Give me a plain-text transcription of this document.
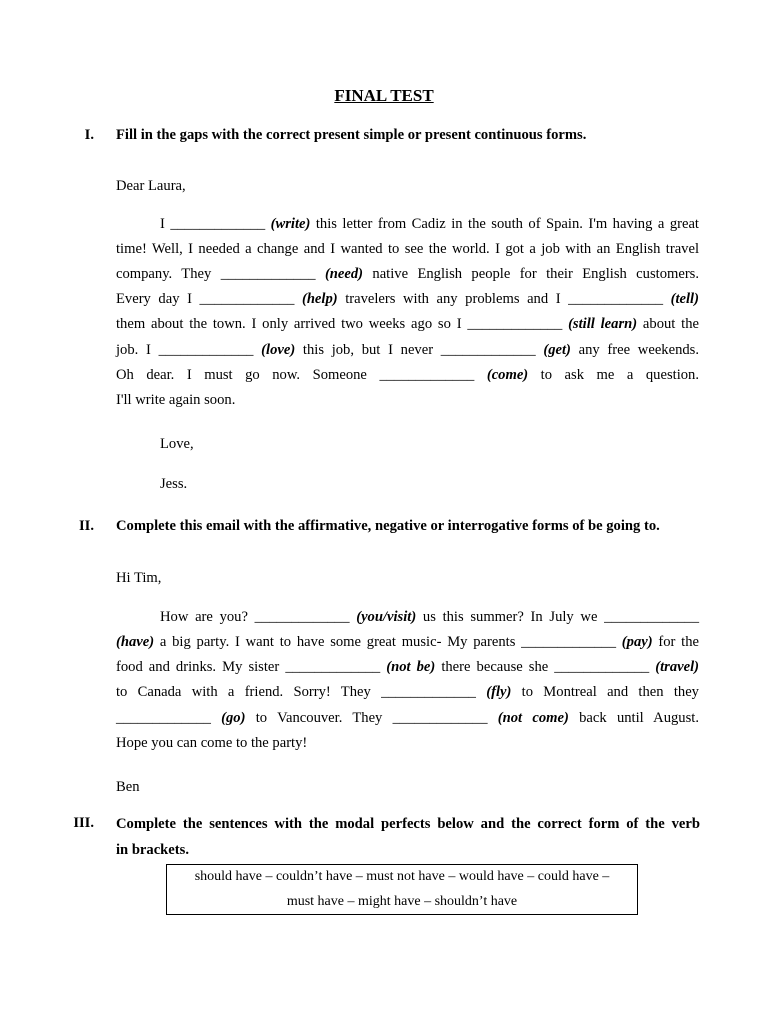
FINAL TEST
I. Fill in the gaps with the correct present simple or present continuous forms.
Dear Laura,
I _____________ (write) this letter from Cadiz in the south of Spain. I'm having a great
time! Well, I needed a change and I wanted to see the world. I got a job with an English travel
company. They _____________ (need) native English people for their English customers.
Every day I _____________ (help) travelers with any problems and I _____________ (tell)
them about the town. I only arrived two weeks ago so I _____________ (still learn) about the
job. I _____________ (love) this job, but I never _____________ (get) any free weekends.
Oh dear. I must go now. Someone _____________ (come) to ask me a question.
I'll write again soon.
Love,
Jess.
II. Complete this email with the affirmative, negative or interrogative forms of be going to.
Hi Tim,
How are you? _____________ (you/visit) us this summer? In July we _____________
(have) a big party. I want to have some great music- My parents _____________ (pay) for the
food and drinks. My sister _____________ (not be) there because she _____________ (travel)
to Canada with a friend. Sorry! They _____________ (fly) to Montreal and then they
_____________ (go) to Vancouver. They _____________ (not come) back until August.
Hope you can come to the party!
Ben
III. Complete the sentences with the modal perfects below and the correct form of the verb
in brackets.
should have – couldn’t have – must not have – would have – could have –
must have – might have – shouldn’t have
